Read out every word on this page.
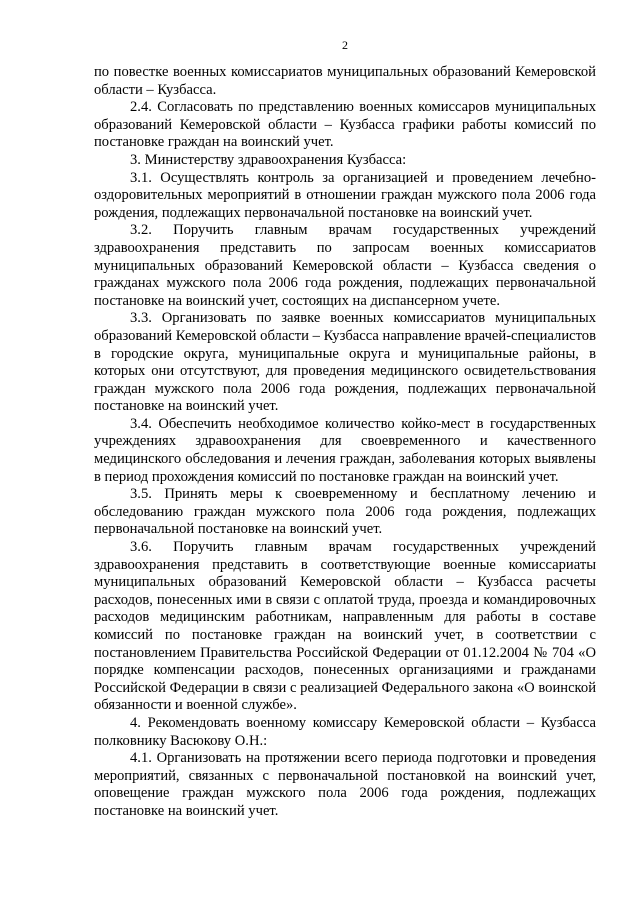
2

по повестке военных комиссариатов муниципальных образований Кемеровской области – Кузбасса.

2.4. Согласовать по представлению военных комиссаров муниципальных образований Кемеровской области – Кузбасса графики работы комиссий по постановке граждан на воинский учет.

3. Министерству здравоохранения Кузбасса:

3.1. Осуществлять контроль за организацией и проведением лечебно-оздоровительных мероприятий в отношении граждан мужского пола 2006 года рождения, подлежащих первоначальной постановке на воинский учет.

3.2. Поручить главным врачам государственных учреждений здравоохранения представить по запросам военных комиссариатов муниципальных образований Кемеровской области – Кузбасса сведения о гражданах мужского пола 2006 года рождения, подлежащих первоначальной постановке на воинский учет, состоящих на диспансерном учете.

3.3. Организовать по заявке военных комиссариатов муниципальных образований Кемеровской области – Кузбасса направление врачей-специалистов в городские округа, муниципальные округа и муниципальные районы, в которых они отсутствуют, для проведения медицинского освидетельствования граждан мужского пола 2006 года рождения, подлежащих первоначальной постановке на воинский учет.

3.4. Обеспечить необходимое количество койко-мест в государственных учреждениях здравоохранения для своевременного и качественного медицинского обследования и лечения граждан, заболевания которых выявлены в период прохождения комиссий по постановке граждан на воинский учет.

3.5. Принять меры к своевременному и бесплатному лечению и обследованию граждан мужского пола 2006 года рождения, подлежащих первоначальной постановке на воинский учет.

3.6. Поручить главным врачам государственных учреждений здравоохранения представить в соответствующие военные комиссариаты муниципальных образований Кемеровской области – Кузбасса расчеты расходов, понесенных ими в связи с оплатой труда, проезда и командировочных расходов медицинским работникам, направленным для работы в составе комиссий по постановке граждан на воинский учет, в соответствии с постановлением Правительства Российской Федерации от 01.12.2004 № 704 «О порядке компенсации расходов, понесенных организациями и гражданами Российской Федерации в связи с реализацией Федерального закона «О воинской обязанности и военной службе».

4. Рекомендовать военному комиссару Кемеровской области – Кузбасса полковнику Васюкову О.Н.:

4.1. Организовать на протяжении всего периода подготовки и проведения мероприятий, связанных с первоначальной постановкой на воинский учет, оповещение граждан мужского пола 2006 года рождения, подлежащих постановке на воинский учет.
